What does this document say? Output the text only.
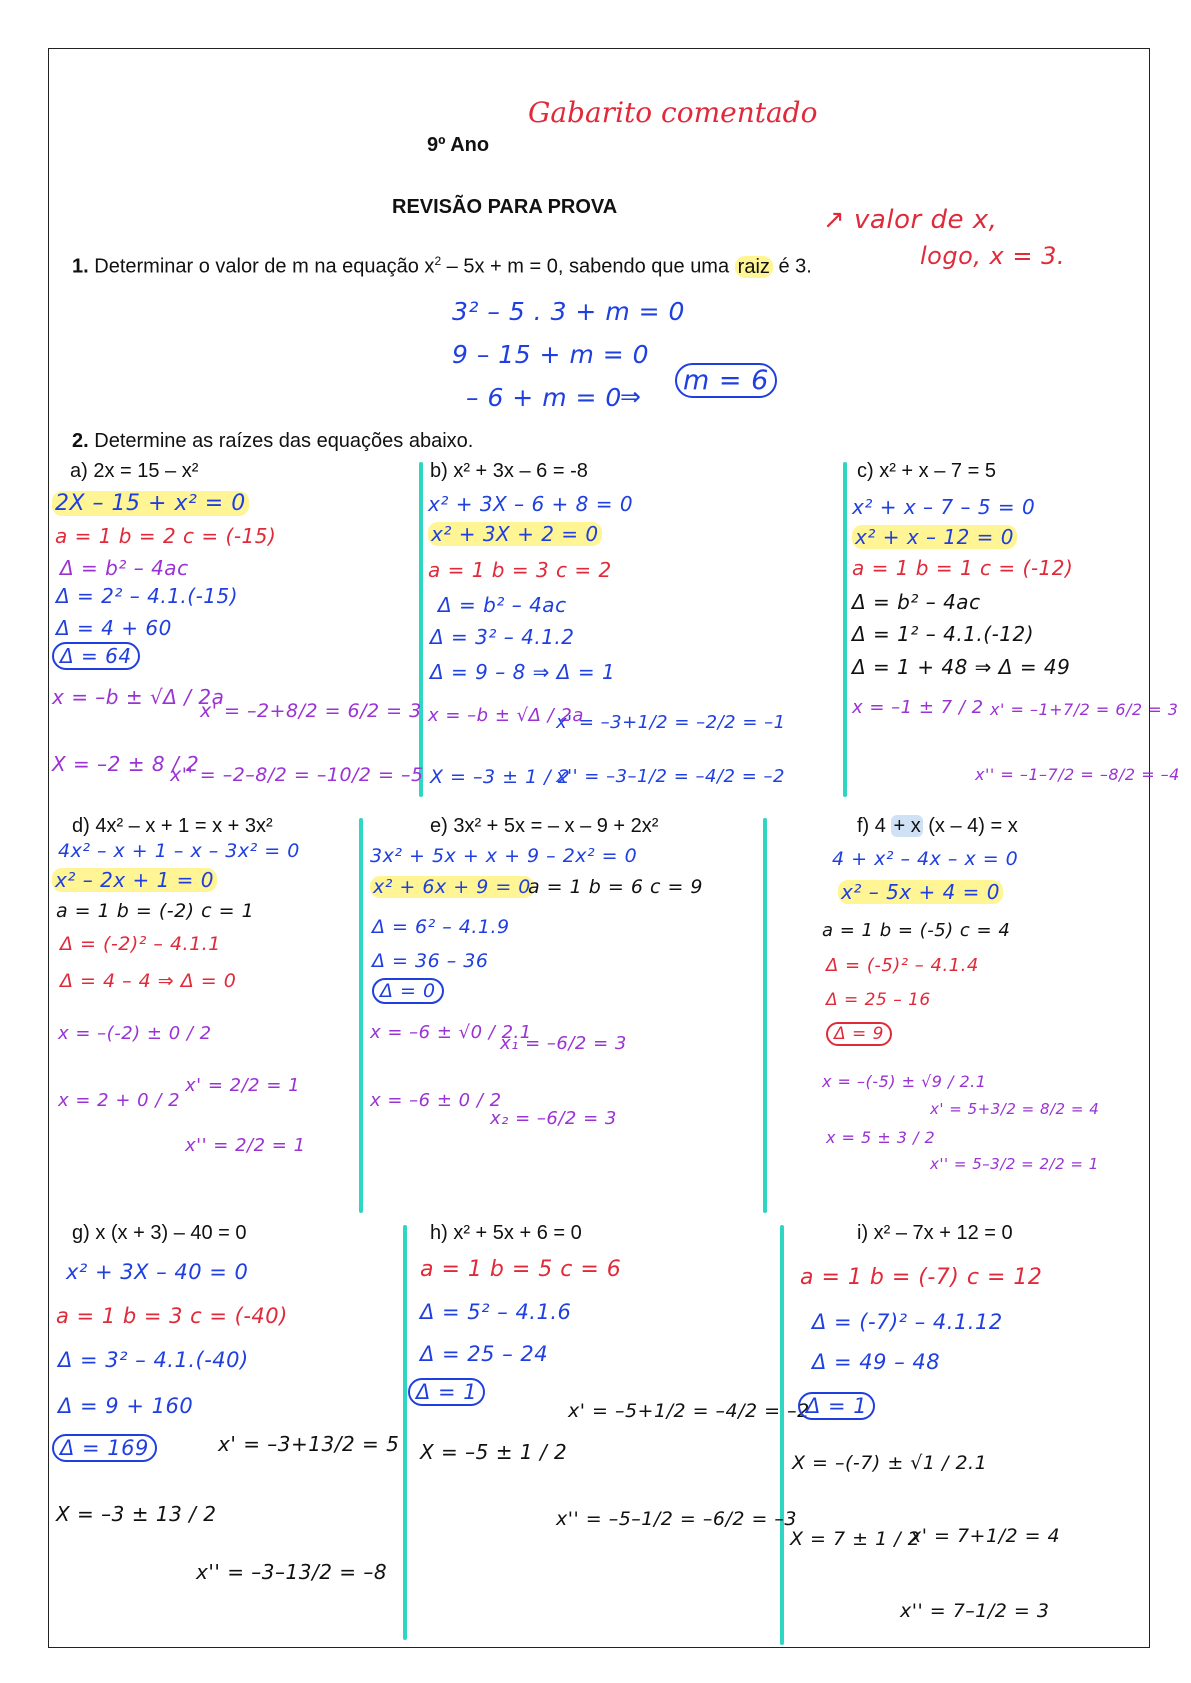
Gabarito comentado
9º Ano
REVISÃO PARA PROVA
1. Determinar o valor de m na equação $x^2 - 5x + m = 0$, sabendo que uma raiz é 3.
↗ valor de x,
logo, x = 3.
3² – 5 . 3 + m = 0
9 – 15 + m = 0
– 6 + m = 0
⇒
m = 6
2. Determine as raízes das equações abaixo.
a) 2x = 15 – x²
2X – 15 + x² = 0
a = 1 b = 2 c = (-15)
Δ = b² – 4ac
Δ = 2² – 4.1.(-15)
Δ = 4 + 60
Δ = 64
x = –b ± √Δ / 2a
X = –2 ± 8 / 2
x' = –2+8/2 = 6/2 = 3
x'' = –2–8/2 = –10/2 = –5
b) x² + 3x – 6 = -8
x² + 3X – 6 + 8 = 0
x² + 3X + 2 = 0
a = 1 b = 3 c = 2
Δ = b² – 4ac
Δ = 3² – 4.1.2
Δ = 9 – 8 ⇒ Δ = 1
x = –b ± √Δ / 2a
X = –3 ± 1 / 2
x' = –3+1/2 = –2/2 = –1
x'' = –3–1/2 = –4/2 = –2
c) x² + x – 7 = 5
x² + x – 7 – 5 = 0
x² + x – 12 = 0
a = 1 b = 1 c = (-12)
Δ = b² – 4ac
Δ = 1² – 4.1.(-12)
Δ = 1 + 48 ⇒ Δ = 49
x = –1 ± 7 / 2 x' = –1+7/2 = 6/2 = 3
x'' = –1–7/2 = –8/2 = –4
d) 4x² – x + 1 = x + 3x²
4x² – x + 1 – x – 3x² = 0
x² – 2x + 1 = 0
a = 1 b = (-2) c = 1
Δ = (-2)² – 4.1.1
Δ = 4 – 4 ⇒ Δ = 0
x = –(-2) ± 0 / 2
x = 2 + 0 / 2
x' = 2/2 = 1
x'' = 2/2 = 1
e) 3x² + 5x = – x – 9 + 2x²
3x² + 5x + x + 9 – 2x² = 0
x² + 6x + 9 = 0
a = 1 b = 6 c = 9
Δ = 6² – 4.1.9
Δ = 36 – 36
Δ = 0
x = –6 ± √0 / 2.1
x = –6 ± 0 / 2
x₁ = –6/2 = 3
x₂ = –6/2 = 3
f) 4 + x (x – 4) = x
4 + x² – 4x – x = 0
x² – 5x + 4 = 0
a = 1 b = (-5) c = 4
Δ = (-5)² – 4.1.4
Δ = 25 – 16
Δ = 9
x = –(-5) ± √9 / 2.1
x = 5 ± 3 / 2
x' = 5+3/2 = 8/2 = 4
x'' = 5–3/2 = 2/2 = 1
g) x (x + 3) – 40 = 0
x² + 3X – 40 = 0
a = 1 b = 3 c = (-40)
Δ = 3² – 4.1.(-40)
Δ = 9 + 160
Δ = 169
X = –3 ± 13 / 2
x' = –3+13/2 = 5
x'' = –3–13/2 = –8
h) x² + 5x + 6 = 0
a = 1 b = 5 c = 6
Δ = 5² – 4.1.6
Δ = 25 – 24
Δ = 1
X = –5 ± 1 / 2
x' = –5+1/2 = –4/2 = –2
x'' = –5–1/2 = –6/2 = –3
i) x² – 7x + 12 = 0
a = 1 b = (-7) c = 12
Δ = (-7)² – 4.1.12
Δ = 49 – 48
Δ = 1
X = –(-7) ± √1 / 2.1
X = 7 ± 1 / 2
x' = 7+1/2 = 4
x'' = 7–1/2 = 3
